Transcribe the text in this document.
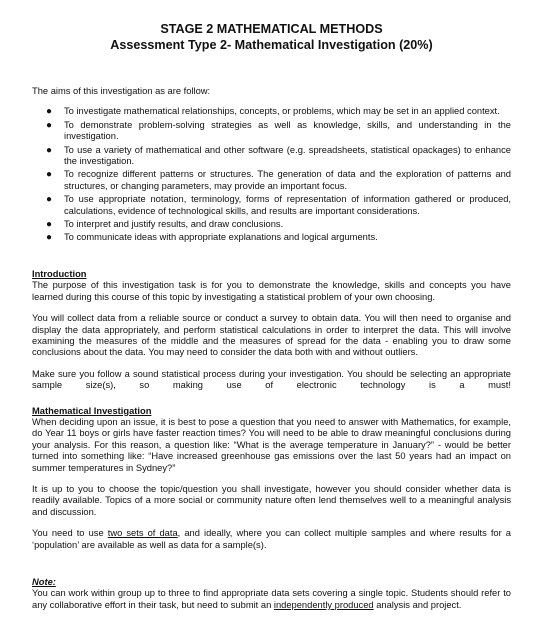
STAGE 2 MATHEMATICAL METHODS
Assessment Type 2- Mathematical Investigation (20%)
The aims of this investigation as are follow:
● To investigate mathematical relationships, concepts, or problems, which may be set in an applied context.
● To demonstrate problem-solving strategies as well as knowledge, skills, and understanding in the investigation.
● To use a variety of mathematical and other software (e.g. spreadsheets, statistical opackages) to enhance the investigation.
● To recognize different patterns or structures. The generation of data and the exploration of patterns and structures, or changing parameters, may provide an important focus.
● To use appropriate notation, terminology, forms of representation of information gathered or produced, calculations, evidence of technological skills, and results are important considerations.
● To interpret and justify results, and draw conclusions.
● To communicate ideas with appropriate explanations and logical arguments.
Introduction

The purpose of this investigation task is for you to demonstrate the knowledge, skills and concepts you have learned during this course of this topic by investigating a statistical problem of your own choosing.

You will collect data from a reliable source or conduct a survey to obtain data. You will then need to organise and display the data appropriately, and perform statistical calculations in order to interpret the data. This will involve examining the measures of the middle and the measures of spread for the data - enabling you to draw some conclusions about the data. You may need to consider the data both with and without outliers.

Make sure you follow a sound statistical process during your investigation. You should be selecting an appropriate sample size(s), so making use of electronic technology is a must!

Mathematical Investigation

When deciding upon an issue, it is best to pose a question that you need to answer with Mathematics, for example, do Year 11 boys or girls have faster reaction times? You will need to be able to draw meaningful conclusions during your analysis. For this reason, a question like: “What is the average temperature in January?” - would be better turned into something like: “Have increased greenhouse gas emissions over the last 50 years had an impact on summer temperatures in Sydney?”

It is up to you to choose the topic/question you shall investigate, however you should consider whether data is readily available. Topics of a more social or community nature often lend themselves well to a meaningful analysis and discussion.

You need to use two sets of data, and ideally, where you can collect multiple samples and where results for a ‘population’ are available as well as data for a sample(s).

Note:

You can work within group up to three to find appropriate data sets covering a single topic. Students should refer to any collaborative effort in their task, but need to submit an independently produced analysis and project.
